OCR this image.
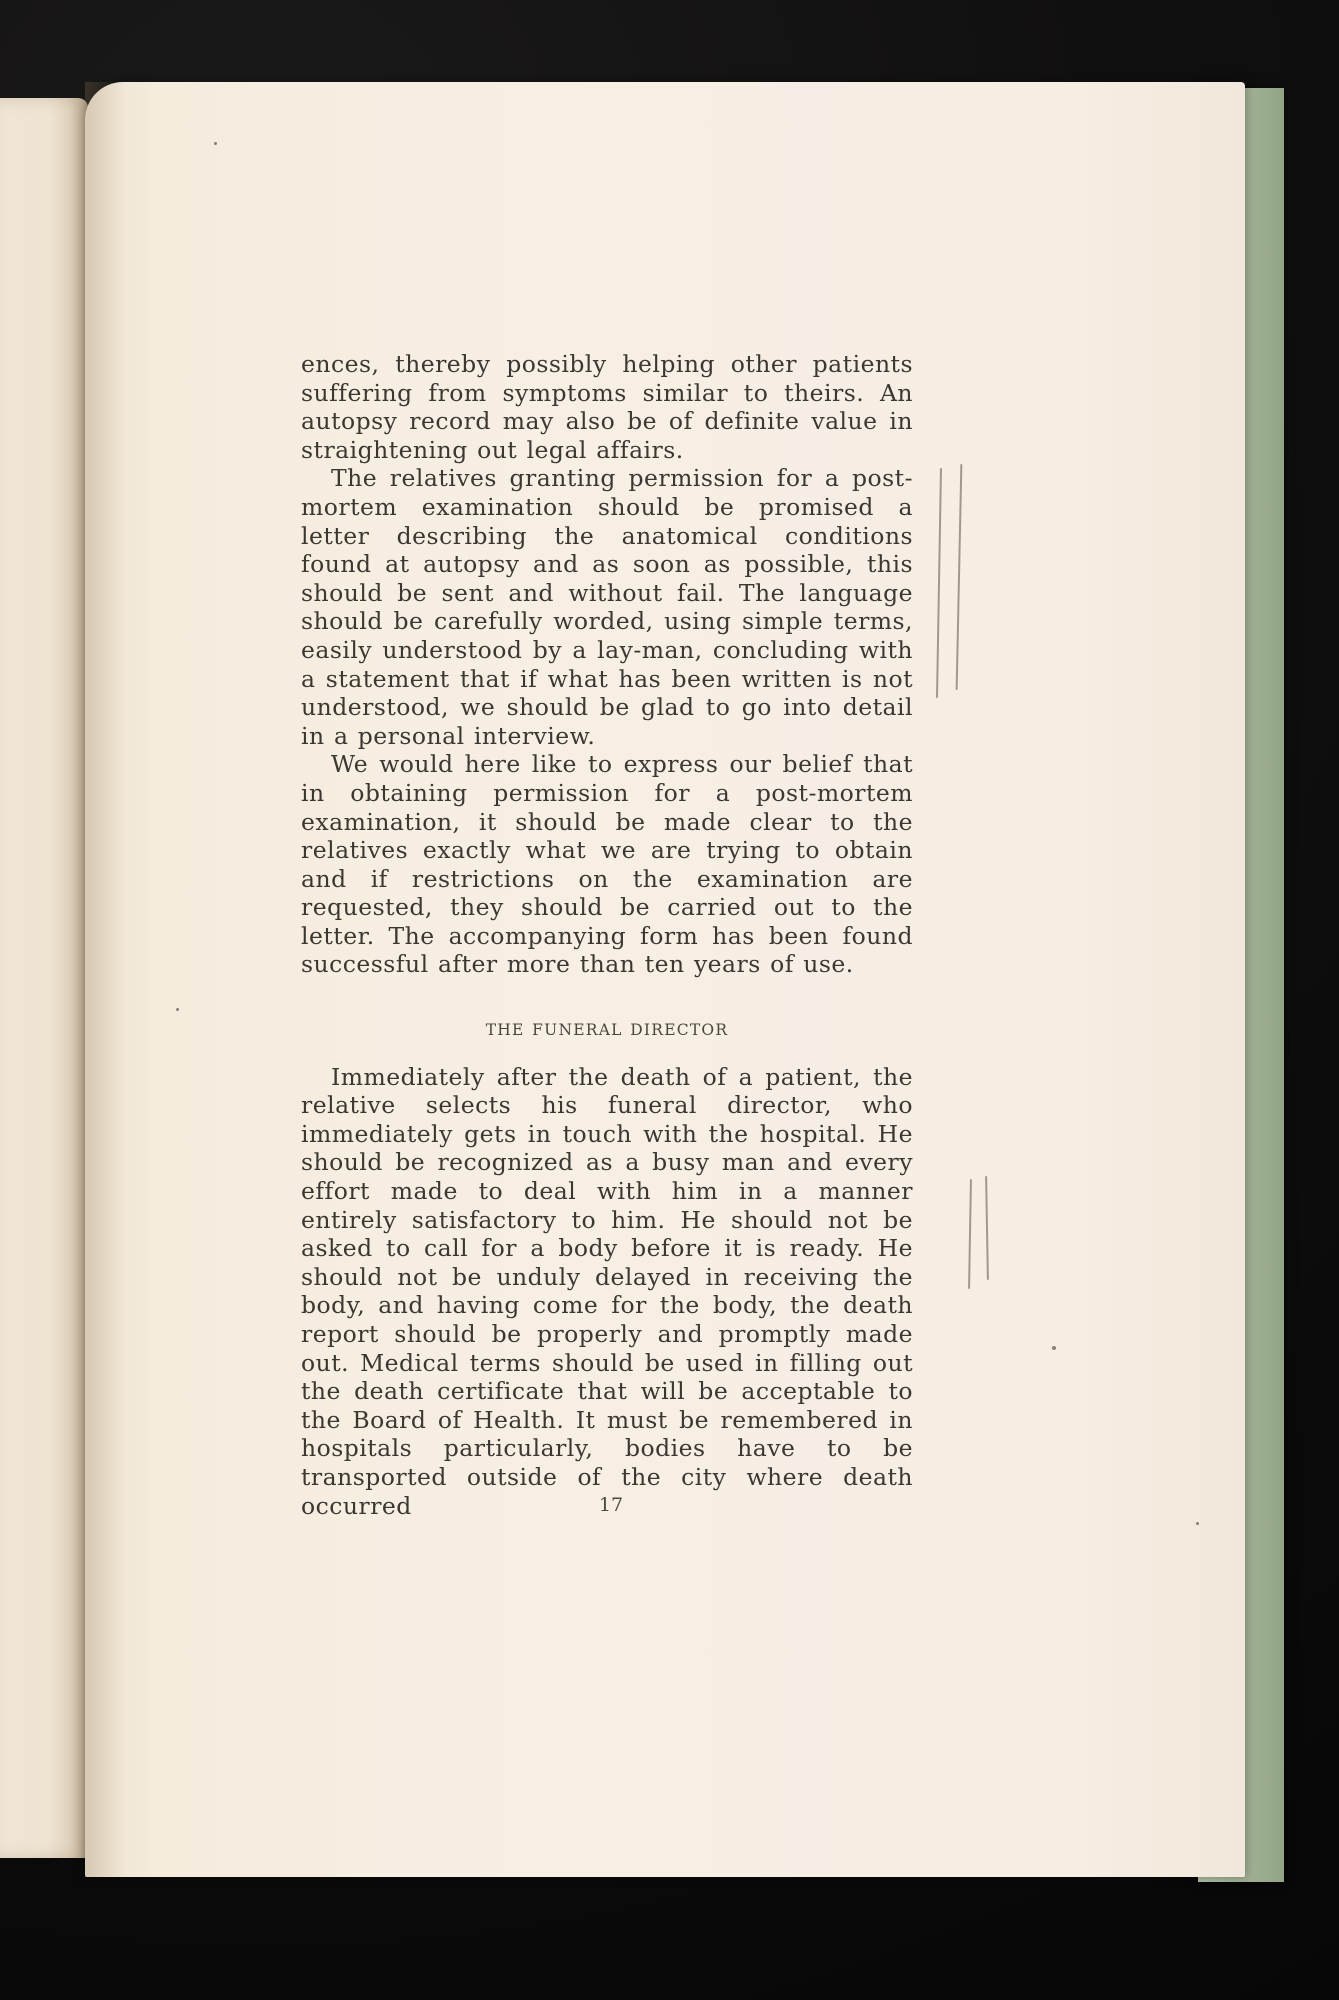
ences, thereby possibly helping other patients suffering from symptoms similar to theirs. An autopsy record may also be of definite value in straightening out legal affairs.

The relatives granting permission for a post-mortem examination should be promised a letter describing the anatomical conditions found at autopsy and as soon as possible, this should be sent and without fail. The language should be carefully worded, using simple terms, easily understood by a lay-man, concluding with a statement that if what has been written is not understood, we should be glad to go into detail in a personal interview.

We would here like to express our belief that in obtaining permission for a post-mortem examination, it should be made clear to the relatives exactly what we are trying to obtain and if restrictions on the examination are requested, they should be carried out to the letter. The accompanying form has been found successful after more than ten years of use.

THE FUNERAL DIRECTOR

Immediately after the death of a patient, the relative selects his funeral director, who immediately gets in touch with the hospital. He should be recognized as a busy man and every effort made to deal with him in a manner entirely satisfactory to him. He should not be asked to call for a body before it is ready. He should not be unduly delayed in receiving the body, and having come for the body, the death report should be properly and promptly made out. Medical terms should be used in filling out the death certificate that will be acceptable to the Board of Health. It must be remembered in hospitals particularly, bodies have to be transported outside of the city where death occurred	17
